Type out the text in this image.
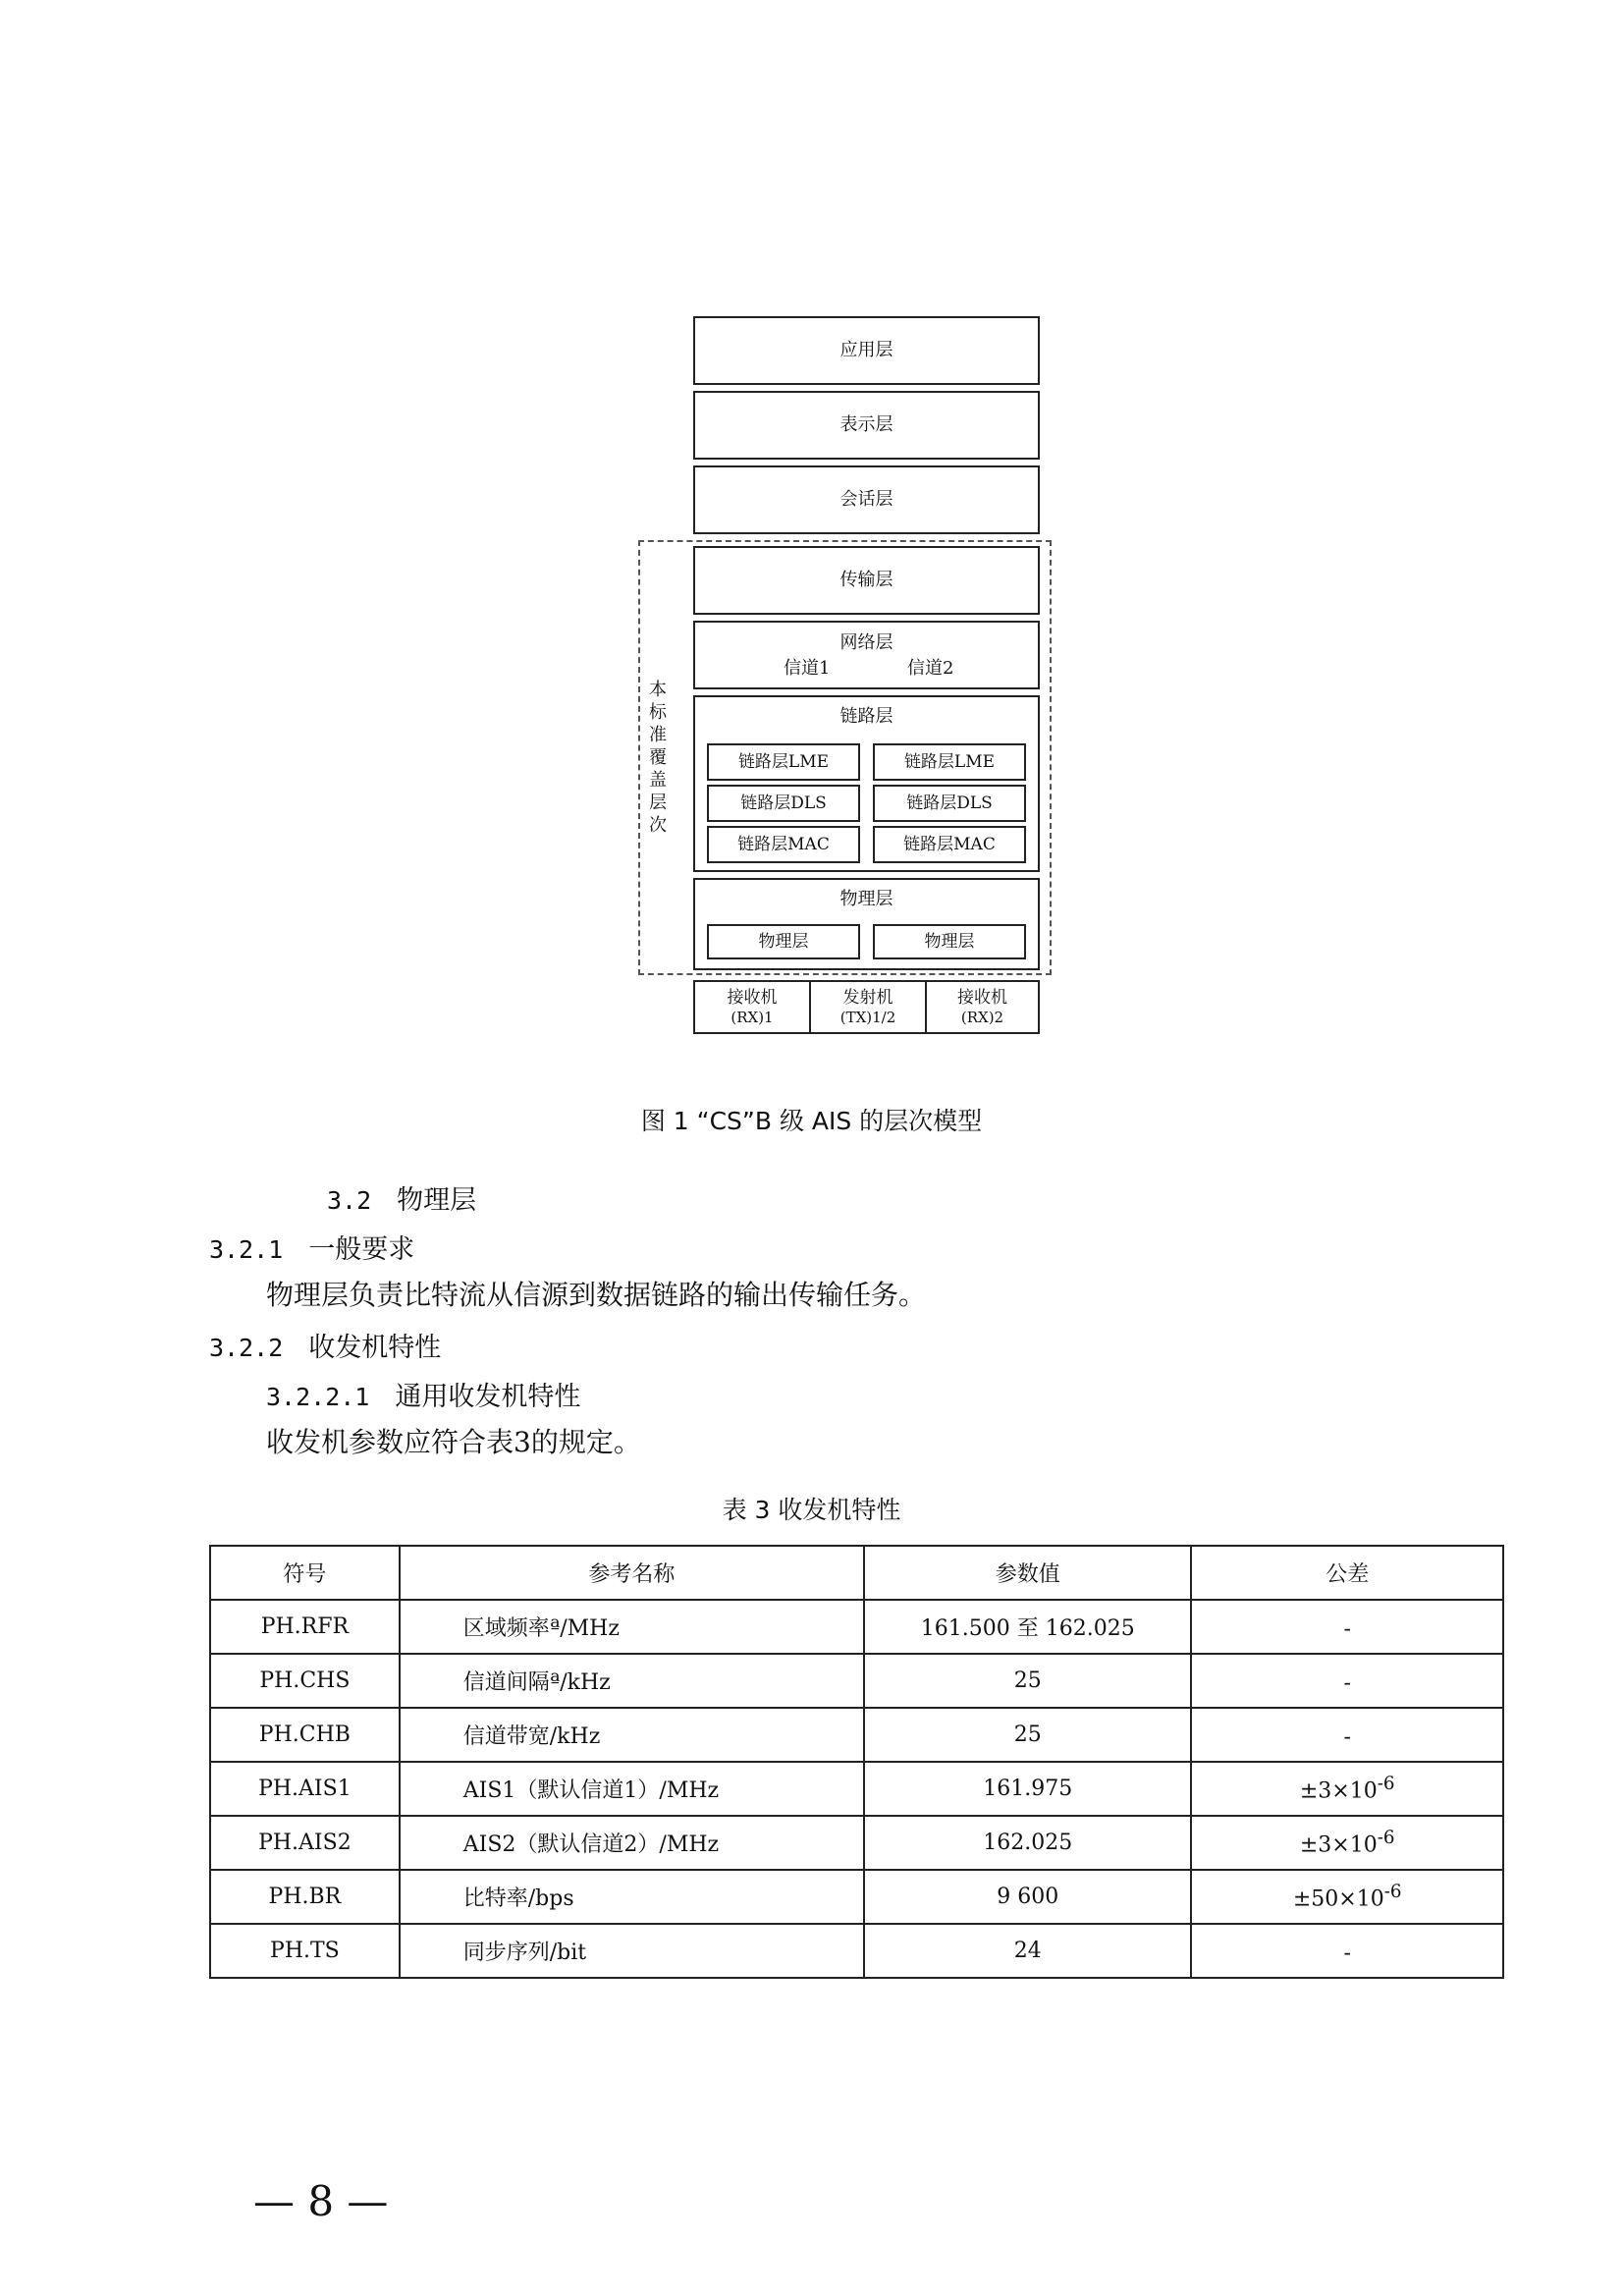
应用层
表示层
会话层
本
标
准
覆
盖
层
次
传输层
网络层
信道1	信道2
链路层
链路层LME	链路层LME
链路层DLS	链路层DLS
链路层MAC	链路层MAC
物理层
物理层	物理层
接收机
(RX)1
发射机
(TX)1/2
接收机
(RX)2
图 1 “CS”B 级 AIS 的层次模型
3.2 物理层
3.2.1 一般要求
物理层负责比特流从信源到数据链路的输出传输任务。
3.2.2 收发机特性
3.2.2.1 通用收发机特性
收发机参数应符合表3的规定。
表 3 收发机特性
符号	参考名称	参数值	公差
PH.RFR	区域频率ª/MHz	161.500 至 162.025	-
PH.CHS	信道间隔ª/kHz	25	-
PH.CHB	信道带宽/kHz	25	-
PH.AIS1	AIS1（默认信道1）/MHz	161.975	$\pm 3\times 10^{-6}$
PH.AIS2	AIS2（默认信道2）/MHz	162.025	$\pm 3\times 10^{-6}$
PH.BR	比特率/bps	9 600	$\pm 50\times 10^{-6}$
PH.TS	同步序列/bit	24	-
— 8 —
